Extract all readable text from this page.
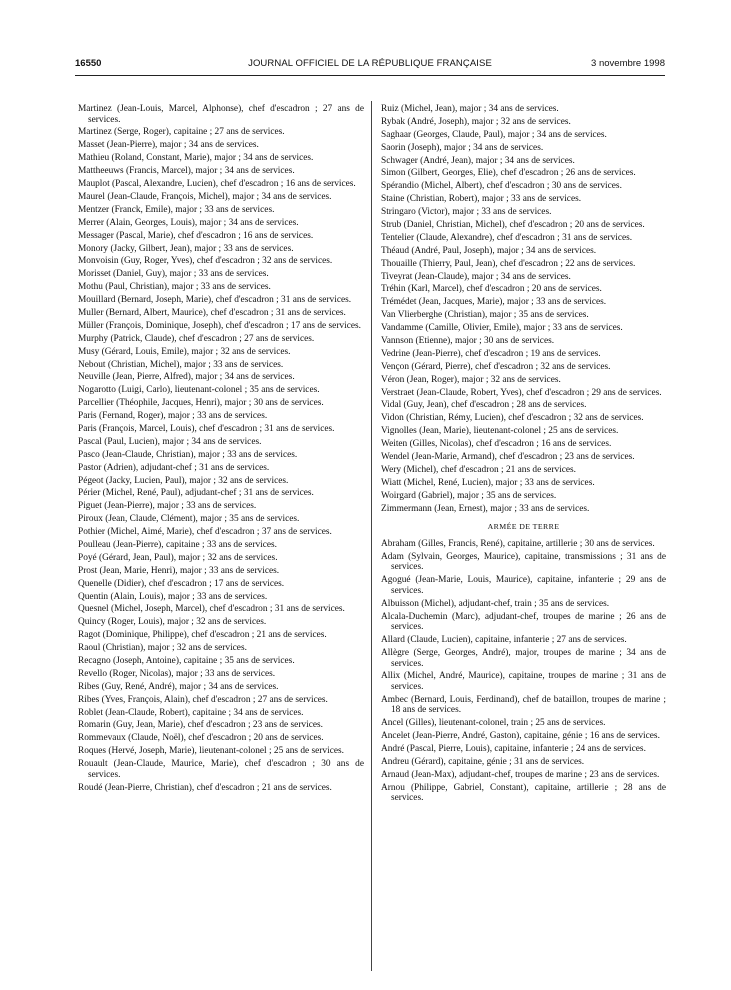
16550	JOURNAL OFFICIEL DE LA RÉPUBLIQUE FRANÇAISE	3 novembre 1998
Martinez (Jean-Louis, Marcel, Alphonse), chef d'escadron ; 27 ans de services.
Martinez (Serge, Roger), capitaine ; 27 ans de services.
Masset (Jean-Pierre), major ; 34 ans de services.
Mathieu (Roland, Constant, Marie), major ; 34 ans de services.
Mattheeuws (Francis, Marcel), major ; 34 ans de services.
Mauplot (Pascal, Alexandre, Lucien), chef d'escadron ; 16 ans de services.
Maurel (Jean-Claude, François, Michel), major ; 34 ans de services.
Mentzer (Franck, Emile), major ; 33 ans de services.
Merrer (Alain, Georges, Louis), major ; 34 ans de services.
Messager (Pascal, Marie), chef d'escadron ; 16 ans de services.
Monory (Jacky, Gilbert, Jean), major ; 33 ans de services.
Monvoisin (Guy, Roger, Yves), chef d'escadron ; 32 ans de services.
Morisset (Daniel, Guy), major ; 33 ans de services.
Mothu (Paul, Christian), major ; 33 ans de services.
Mouillard (Bernard, Joseph, Marie), chef d'escadron ; 31 ans de services.
Muller (Bernard, Albert, Maurice), chef d'escadron ; 31 ans de services.
Müller (François, Dominique, Joseph), chef d'escadron ; 17 ans de services.
Murphy (Patrick, Claude), chef d'escadron ; 27 ans de services.
Musy (Gérard, Louis, Emile), major ; 32 ans de services.
Nebout (Christian, Michel), major ; 33 ans de services.
Neuville (Jean, Pierre, Alfred), major ; 34 ans de services.
Nogarotto (Luigi, Carlo), lieutenant-colonel ; 35 ans de services.
Parcellier (Théophile, Jacques, Henri), major ; 30 ans de services.
Paris (Fernand, Roger), major ; 33 ans de services.
Paris (François, Marcel, Louis), chef d'escadron ; 31 ans de services.
Pascal (Paul, Lucien), major ; 34 ans de services.
Pasco (Jean-Claude, Christian), major ; 33 ans de services.
Pastor (Adrien), adjudant-chef ; 31 ans de services.
Pégeot (Jacky, Lucien, Paul), major ; 32 ans de services.
Périer (Michel, René, Paul), adjudant-chef ; 31 ans de services.
Piguet (Jean-Pierre), major ; 33 ans de services.
Piroux (Jean, Claude, Clément), major ; 35 ans de services.
Pothier (Michel, Aimé, Marie), chef d'escadron ; 37 ans de services.
Poulleau (Jean-Pierre), capitaine ; 33 ans de services.
Poyé (Gérard, Jean, Paul), major ; 32 ans de services.
Prost (Jean, Marie, Henri), major ; 33 ans de services.
Quenelle (Didier), chef d'escadron ; 17 ans de services.
Quentin (Alain, Louis), major ; 33 ans de services.
Quesnel (Michel, Joseph, Marcel), chef d'escadron ; 31 ans de services.
Quincy (Roger, Louis), major ; 32 ans de services.
Ragot (Dominique, Philippe), chef d'escadron ; 21 ans de services.
Raoul (Christian), major ; 32 ans de services.
Recagno (Joseph, Antoine), capitaine ; 35 ans de services.
Revello (Roger, Nicolas), major ; 33 ans de services.
Ribes (Guy, René, André), major ; 34 ans de services.
Ribes (Yves, François, Alain), chef d'escadron ; 27 ans de services.
Roblet (Jean-Claude, Robert), capitaine ; 34 ans de services.
Romarin (Guy, Jean, Marie), chef d'escadron ; 23 ans de services.
Rommevaux (Claude, Noël), chef d'escadron ; 20 ans de services.
Roques (Hervé, Joseph, Marie), lieutenant-colonel ; 25 ans de services.
Rouault (Jean-Claude, Maurice, Marie), chef d'escadron ; 30 ans de services.
Roudé (Jean-Pierre, Christian), chef d'escadron ; 21 ans de services.
Ruiz (Michel, Jean), major ; 34 ans de services.
Rybak (André, Joseph), major ; 32 ans de services.
Saghaar (Georges, Claude, Paul), major ; 34 ans de services.
Saorin (Joseph), major ; 34 ans de services.
Schwager (André, Jean), major ; 34 ans de services.
Simon (Gilbert, Georges, Elie), chef d'escadron ; 26 ans de services.
Spérandio (Michel, Albert), chef d'escadron ; 30 ans de services.
Staine (Christian, Robert), major ; 33 ans de services.
Stringaro (Victor), major ; 33 ans de services.
Strub (Daniel, Christian, Michel), chef d'escadron ; 20 ans de services.
Tentelier (Claude, Alexandre), chef d'escadron ; 31 ans de services.
Théaud (André, Paul, Joseph), major ; 34 ans de services.
Thouaille (Thierry, Paul, Jean), chef d'escadron ; 22 ans de services.
Tiveyrat (Jean-Claude), major ; 34 ans de services.
Tréhin (Karl, Marcel), chef d'escadron ; 20 ans de services.
Trémédet (Jean, Jacques, Marie), major ; 33 ans de services.
Van Vlierberghe (Christian), major ; 35 ans de services.
Vandamme (Camille, Olivier, Emile), major ; 33 ans de services.
Vannson (Etienne), major ; 30 ans de services.
Vedrine (Jean-Pierre), chef d'escadron ; 19 ans de services.
Vençon (Gérard, Pierre), chef d'escadron ; 32 ans de services.
Véron (Jean, Roger), major ; 32 ans de services.
Verstraet (Jean-Claude, Robert, Yves), chef d'escadron ; 29 ans de services.
Vidal (Guy, Jean), chef d'escadron ; 28 ans de services.
Vidon (Christian, Rémy, Lucien), chef d'escadron ; 32 ans de services.
Vignolles (Jean, Marie), lieutenant-colonel ; 25 ans de services.
Weiten (Gilles, Nicolas), chef d'escadron ; 16 ans de services.
Wendel (Jean-Marie, Armand), chef d'escadron ; 23 ans de services.
Wery (Michel), chef d'escadron ; 21 ans de services.
Wiatt (Michel, René, Lucien), major ; 33 ans de services.
Woirgard (Gabriel), major ; 35 ans de services.
Zimmermann (Jean, Ernest), major ; 33 ans de services.
ARMÉE DE TERRE
Abraham (Gilles, Francis, René), capitaine, artillerie ; 30 ans de services.
Adam (Sylvain, Georges, Maurice), capitaine, transmissions ; 31 ans de services.
Agogué (Jean-Marie, Louis, Maurice), capitaine, infanterie ; 29 ans de services.
Albuisson (Michel), adjudant-chef, train ; 35 ans de services.
Alcala-Duchemin (Marc), adjudant-chef, troupes de marine ; 26 ans de services.
Allard (Claude, Lucien), capitaine, infanterie ; 27 ans de services.
Allègre (Serge, Georges, André), major, troupes de marine ; 34 ans de services.
Allix (Michel, André, Maurice), capitaine, troupes de marine ; 31 ans de services.
Ambec (Bernard, Louis, Ferdinand), chef de bataillon, troupes de marine ; 18 ans de services.
Ancel (Gilles), lieutenant-colonel, train ; 25 ans de services.
Ancelet (Jean-Pierre, André, Gaston), capitaine, génie ; 16 ans de services.
André (Pascal, Pierre, Louis), capitaine, infanterie ; 24 ans de services.
Andreu (Gérard), capitaine, génie ; 31 ans de services.
Arnaud (Jean-Max), adjudant-chef, troupes de marine ; 23 ans de services.
Arnou (Philippe, Gabriel, Constant), capitaine, artillerie ; 28 ans de services.
